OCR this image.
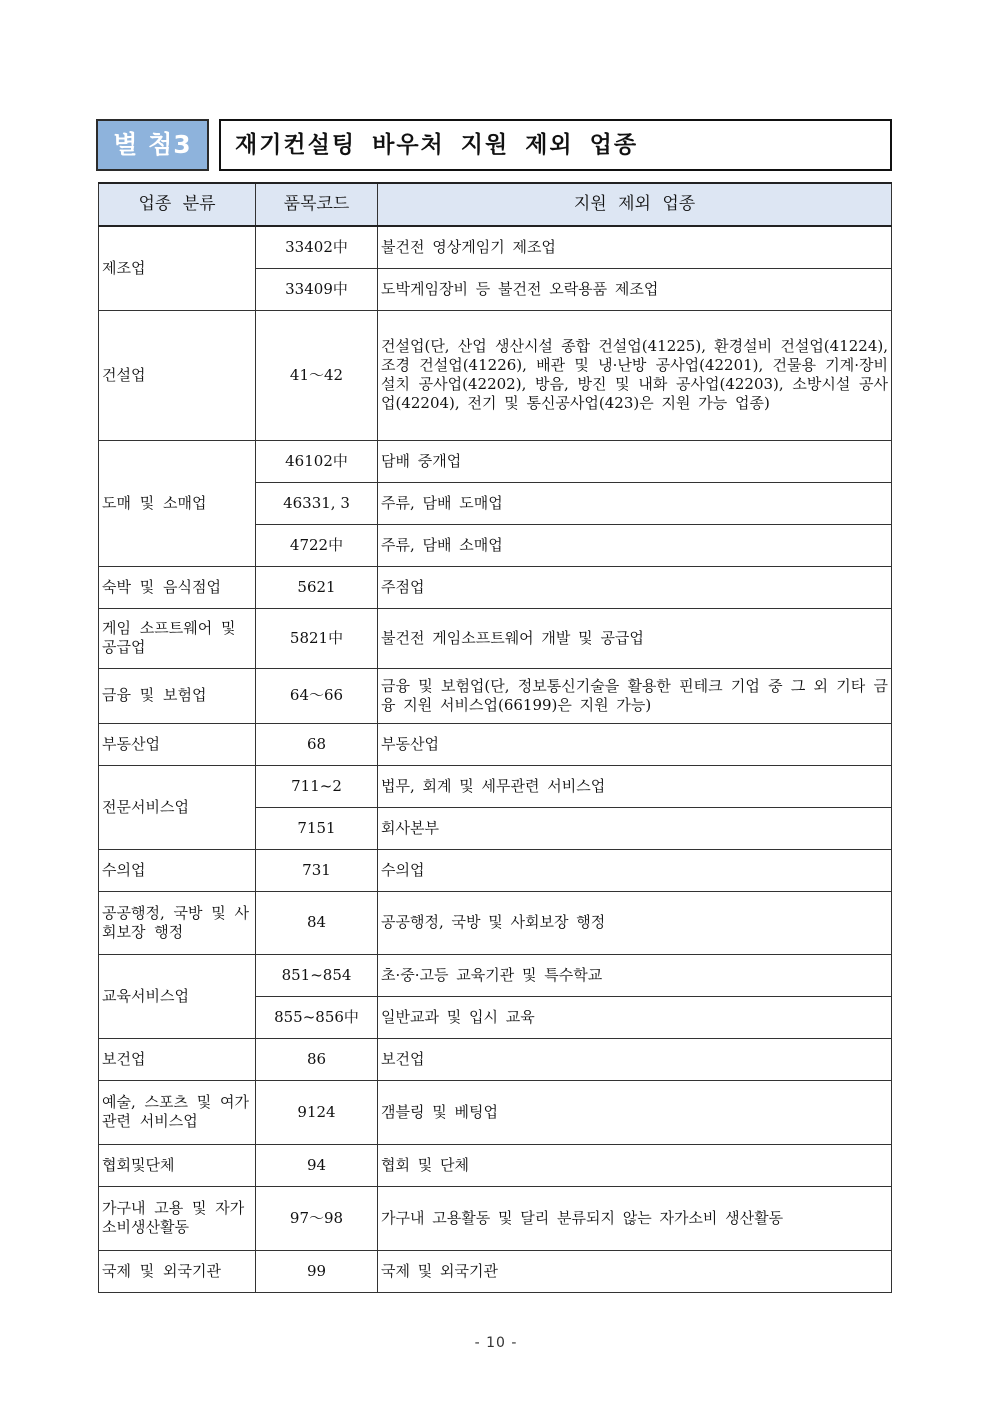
별 첨3	재기컨설팅 바우처 지원 제외 업종
업종 분류	품목코드	지원 제외 업종
제조업	33402中	불건전 영상게임기 제조업
	33409中	도박게임장비 등 불건전 오락용품 제조업
건설업	41～42	건설업(단, 산업 생산시설 종합 건설업(41225), 환경설비 건설업(41224), 조경 건설업(41226), 배관 및 냉·난방 공사업(42201), 건물용 기계·장비 설치 공사업(42202), 방음, 방진 및 내화 공사업(42203), 소방시설 공사업(42204), 전기 및 통신공사업(423)은 지원 가능 업종)
도매 및 소매업	46102中	담배 중개업
	46331, 3	주류, 담배 도매업
	4722中	주류, 담배 소매업
숙박 및 음식점업	5621	주점업
게임 소프트웨어 및 공급업	5821中	불건전 게임소프트웨어 개발 및 공급업
금융 및 보험업	64～66	금융 및 보험업(단, 정보통신기술을 활용한 핀테크 기업 중 그 외 기타 금융 지원 서비스업(66199)은 지원 가능)
부동산업	68	부동산업
전문서비스업	711~2	법무, 회계 및 세무관련 서비스업
	7151	회사본부
수의업	731	수의업
공공행정, 국방 및 사회보장 행정	84	공공행정, 국방 및 사회보장 행정
교육서비스업	851~854	초·중·고등 교육기관 및 특수학교
	855~856中	일반교과 및 입시 교육
보건업	86	보건업
예술, 스포츠 및 여가관련 서비스업	9124	갬블링 및 베팅업
협회및단체	94	협회 및 단체
가구내 고용 및 자가소비생산활동	97～98	가구내 고용활동 및 달리 분류되지 않는 자가소비 생산활동
국제 및 외국기관	99	국제 및 외국기관
- 10 -
